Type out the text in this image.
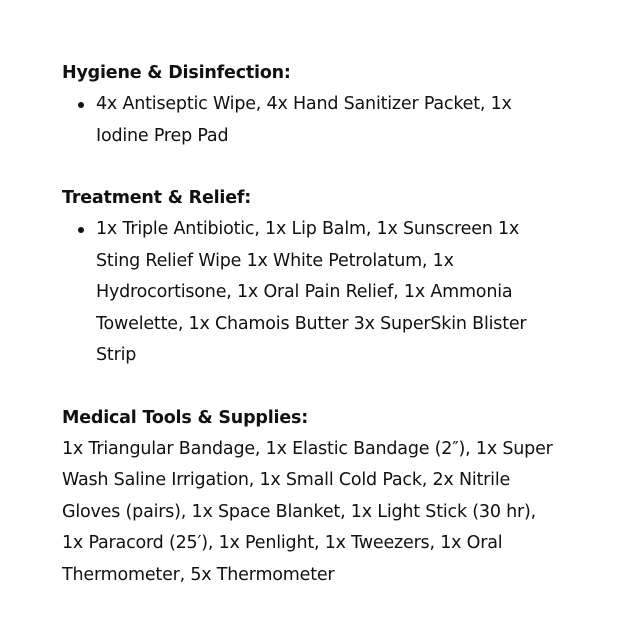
Hygiene & Disinfection:

4x Antiseptic Wipe, 4x Hand Sanitizer Packet, 1x Iodine Prep Pad

Treatment & Relief:

1x Triple Antibiotic, 1x Lip Balm, 1x Sunscreen 1x Sting Relief Wipe 1x White Petrolatum, 1x Hydrocortisone, 1x Oral Pain Relief, 1x Ammonia Towelette, 1x Chamois Butter 3x SuperSkin Blister Strip

Medical Tools & Supplies:

1x Triangular Bandage, 1x Elastic Bandage (2″), 1x Super Wash Saline Irrigation, 1x Small Cold Pack, 2x Nitrile Gloves (pairs), 1x Space Blanket, 1x Light Stick (30 hr), 1x Paracord (25′), 1x Penlight, 1x Tweezers, 1x Oral Thermometer, 5x Thermometer
